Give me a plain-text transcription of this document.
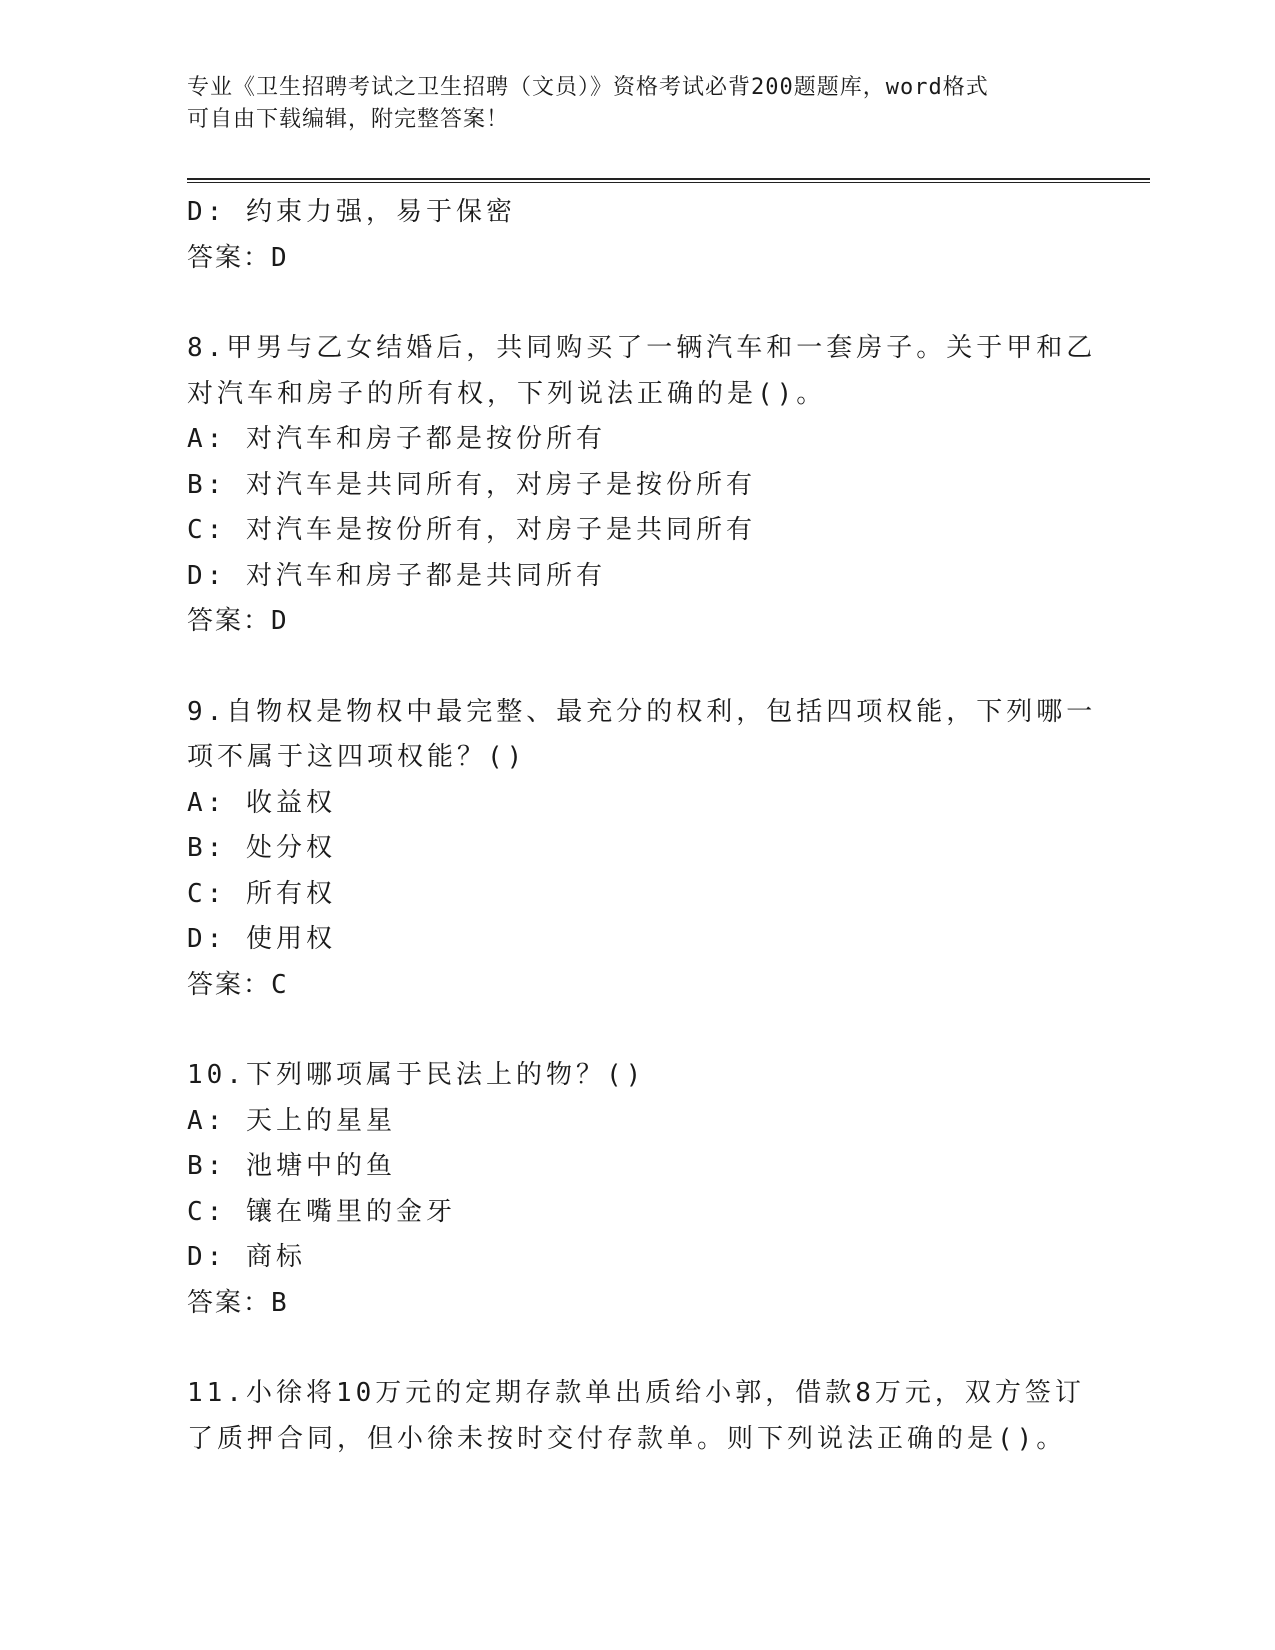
专业《卫生招聘考试之卫生招聘（文员）》资格考试必背200题题库，word格式
可自由下载编辑，附完整答案！
D: 约束力强，易于保密
答案：D
8.甲男与乙女结婚后，共同购买了一辆汽车和一套房子。关于甲和乙
对汽车和房子的所有权，下列说法正确的是()。
A: 对汽车和房子都是按份所有
B: 对汽车是共同所有，对房子是按份所有
C: 对汽车是按份所有，对房子是共同所有
D: 对汽车和房子都是共同所有
答案：D
9.自物权是物权中最完整、最充分的权利，包括四项权能，下列哪一
项不属于这四项权能？()
A: 收益权
B: 处分权
C: 所有权
D: 使用权
答案：C
10.下列哪项属于民法上的物？()
A: 天上的星星
B: 池塘中的鱼
C: 镶在嘴里的金牙
D: 商标
答案：B
11.小徐将10万元的定期存款单出质给小郭，借款8万元，双方签订
了质押合同，但小徐未按时交付存款单。则下列说法正确的是()。
